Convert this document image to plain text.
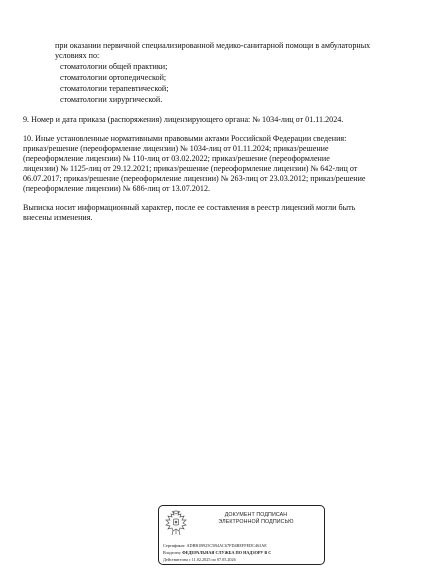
при оказании первичной специализированной медико-санитарной помощи в амбулаторных

условиях по:

стоматологии общей практики;

стоматологии ортопедической;

стоматологии терапевтической;

стоматологии хирургической.

9. Номер и дата приказа (распоряжения) лицензирующего органа: № 1034-лиц от 01.11.2024.

10. Иные установленные нормативными правовыми актами Российской Федерации сведения:

приказ/решение (переоформление лицензии) № 1034-лиц от 01.11.2024; приказ/решение

(переоформление лицензии) № 110-лиц от 03.02.2022; приказ/решение (переоформление

лицензии) № 1125-лиц от 29.12.2021; приказ/решение (переоформление лицензии) № 642-лиц от

06.07.2017; приказ/решение (переоформление лицензии) № 263-лиц от 23.03.2012; приказ/решение

(переоформление лицензии) № 686-лиц от 13.07.2012.

Выписка носит информационный характер, после ее составления в реестр лицензий могли быть

внесены изменения.

ДОКУМЕНТ ПОДПИСАН
ЭЛЕКТРОННОЙ ПОДПИСЬЮ
Сертификат: ADBB1B925C5B4AC67FD4BEFFEDC463AE
Владелец: ФЕДЕРАЛЬНАЯ СЛУЖБА ПО НАДЗОРУ В С
Действителен с 11.02.2025 по 07.05.2026
